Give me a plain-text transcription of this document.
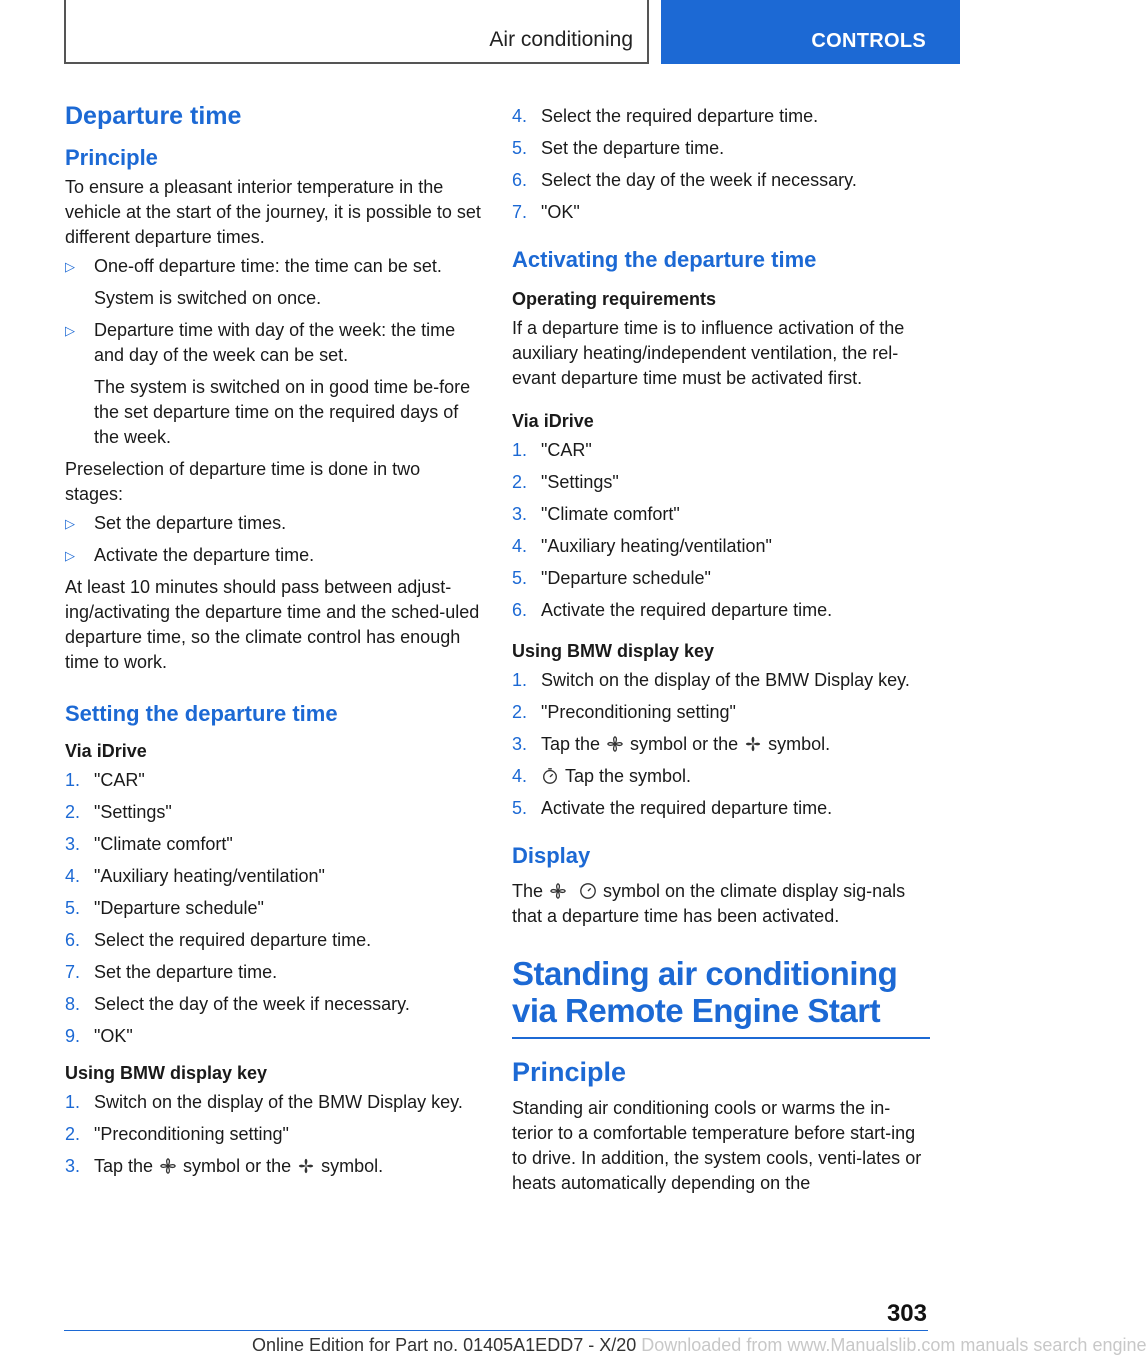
Air conditioning	CONTROLS
Departure time
Principle
To ensure a pleasant interior temperature in the vehicle at the start of the journey, it is possible to set different departure times.
▷ One-off departure time: the time can be set.
System is switched on once.
▷ Departure time with day of the week: the time and day of the week can be set.
The system is switched on in good time be-fore the set departure time on the required days of the week.
Preselection of departure time is done in two stages:
▷ Set the departure times.
▷ Activate the departure time.
At least 10 minutes should pass between adjust-ing/activating the departure time and the sched-uled departure time, so the climate control has enough time to work.
Setting the departure time
Via iDrive
1. "CAR"
2. "Settings"
3. "Climate comfort"
4. "Auxiliary heating/ventilation"
5. "Departure schedule"
6. Select the required departure time.
7. Set the departure time.
8. Select the day of the week if necessary.
9. "OK"
Using BMW display key
1. Switch on the display of the BMW Display key.
2. "Preconditioning setting"
3. Tap the symbol or the symbol.
4. Select the required departure time.
5. Set the departure time.
6. Select the day of the week if necessary.
7. "OK"
Activating the departure time
Operating requirements
If a departure time is to influence activation of the auxiliary heating/independent ventilation, the rel-evant departure time must be activated first.
Via iDrive
1. "CAR"
2. "Settings"
3. "Climate comfort"
4. "Auxiliary heating/ventilation"
5. "Departure schedule"
6. Activate the required departure time.
Using BMW display key
1. Switch on the display of the BMW Display key.
2. "Preconditioning setting"
3. Tap the symbol or the symbol.
4. Tap the symbol.
5. Activate the required departure time.
Display
The	symbol on the climate display sig-nals that a departure time has been activated.
Standing air conditioning via Remote Engine Start
Principle
Standing air conditioning cools or warms the in-terior to a comfortable temperature before start-ing to drive. In addition, the system cools, venti-lates or heats automatically depending on the
303
Online Edition for Part no. 01405A1EDD7 - X/20 Downloaded from www.Manualslib.com manuals search engine
